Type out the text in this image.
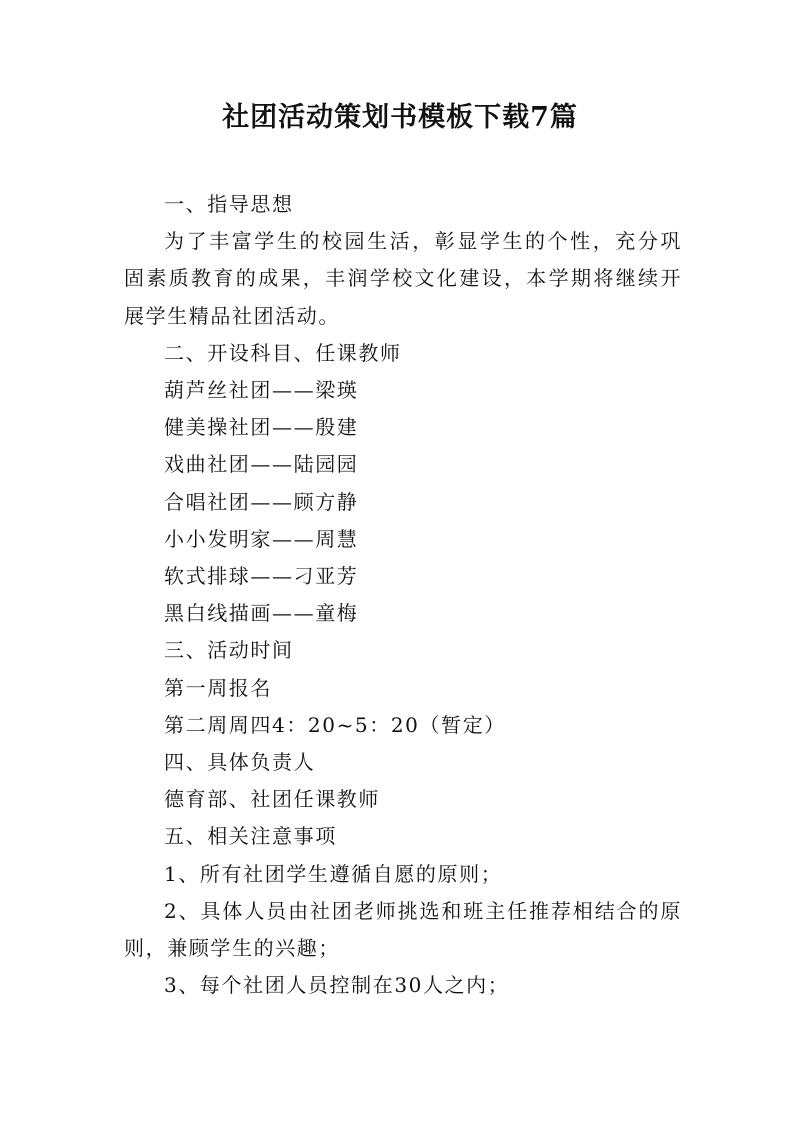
社团活动策划书模板下载7篇

一、指导思想

为了丰富学生的校园生活，彰显学生的个性，充分巩固素质教育的成果，丰润学校文化建设，本学期将继续开展学生精品社团活动。

二、开设科目、任课教师

葫芦丝社团——梁瑛

健美操社团——殷建

戏曲社团——陆园园

合唱社团——顾方静

小小发明家——周慧

软式排球——刁亚芳

黑白线描画——童梅

三、活动时间

第一周报名

第二周周四4：20~5：20（暂定）

四、具体负责人

德育部、社团任课教师

五、相关注意事项

1、所有社团学生遵循自愿的原则；

2、具体人员由社团老师挑选和班主任推荐相结合的原则，兼顾学生的兴趣；

3、每个社团人员控制在30人之内；
